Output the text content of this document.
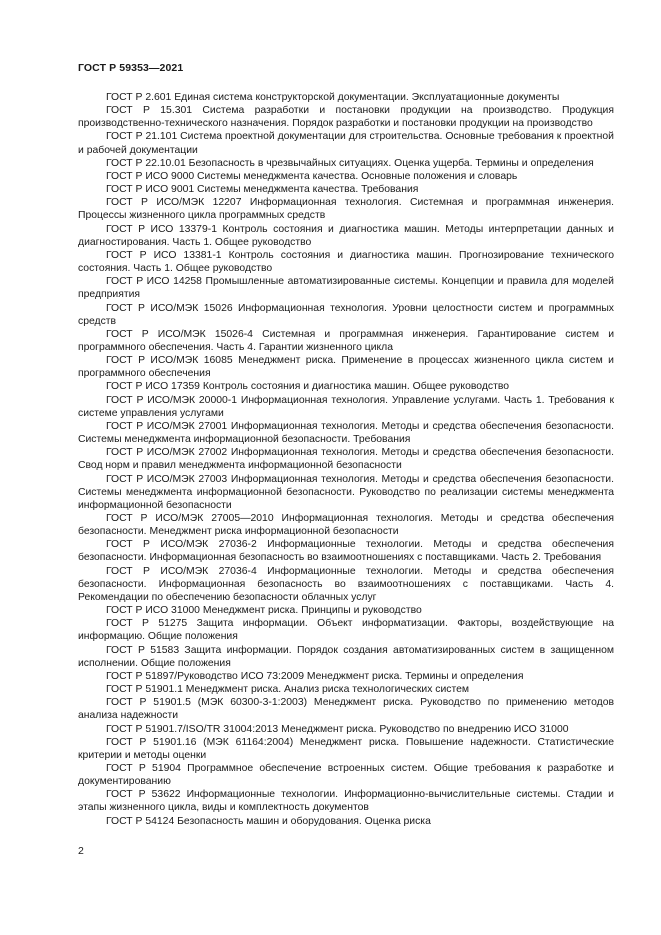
ГОСТ Р 59353—2021

ГОСТ Р 2.601 Единая система конструкторской документации. Эксплуатационные документы

ГОСТ Р 15.301 Система разработки и постановки продукции на производство. Продукция производственно-технического назначения. Порядок разработки и постановки продукции на производство

ГОСТ Р 21.101 Система проектной документации для строительства. Основные требования к проектной и рабочей документации

ГОСТ Р 22.10.01 Безопасность в чрезвычайных ситуациях. Оценка ущерба. Термины и определения

ГОСТ Р ИСО 9000 Системы менеджмента качества. Основные положения и словарь

ГОСТ Р ИСО 9001 Системы менеджмента качества. Требования

ГОСТ Р ИСО/МЭК 12207 Информационная технология. Системная и программная инженерия. Процессы жизненного цикла программных средств

ГОСТ Р ИСО 13379-1 Контроль состояния и диагностика машин. Методы интерпретации данных и диагностирования. Часть 1. Общее руководство

ГОСТ Р ИСО 13381-1 Контроль состояния и диагностика машин. Прогнозирование технического состояния. Часть 1. Общее руководство

ГОСТ Р ИСО 14258 Промышленные автоматизированные системы. Концепции и правила для моделей предприятия

ГОСТ Р ИСО/МЭК 15026 Информационная технология. Уровни целостности систем и программных средств

ГОСТ Р ИСО/МЭК 15026-4 Системная и программная инженерия. Гарантирование систем и программного обеспечения. Часть 4. Гарантии жизненного цикла

ГОСТ Р ИСО/МЭК 16085 Менеджмент риска. Применение в процессах жизненного цикла систем и программного обеспечения

ГОСТ Р ИСО 17359 Контроль состояния и диагностика машин. Общее руководство

ГОСТ Р ИСО/МЭК 20000-1 Информационная технология. Управление услугами. Часть 1. Требования к системе управления услугами

ГОСТ Р ИСО/МЭК 27001 Информационная технология. Методы и средства обеспечения безопасности. Системы менеджмента информационной безопасности. Требования

ГОСТ Р ИСО/МЭК 27002 Информационная технология. Методы и средства обеспечения безопасности. Свод норм и правил менеджмента информационной безопасности

ГОСТ Р ИСО/МЭК 27003 Информационная технология. Методы и средства обеспечения безопасности. Системы менеджмента информационной безопасности. Руководство по реализации системы менеджмента информационной безопасности

ГОСТ Р ИСО/МЭК 27005—2010 Информационная технология. Методы и средства обеспечения безопасности. Менеджмент риска информационной безопасности

ГОСТ Р ИСО/МЭК 27036-2 Информационные технологии. Методы и средства обеспечения безопасности. Информационная безопасность во взаимоотношениях с поставщиками. Часть 2. Требования

ГОСТ Р ИСО/МЭК 27036-4 Информационные технологии. Методы и средства обеспечения безопасности. Информационная безопасность во взаимоотношениях с поставщиками. Часть 4. Рекомендации по обеспечению безопасности облачных услуг

ГОСТ Р ИСО 31000 Менеджмент риска. Принципы и руководство

ГОСТ Р 51275 Защита информации. Объект информатизации. Факторы, воздействующие на информацию. Общие положения

ГОСТ Р 51583 Защита информации. Порядок создания автоматизированных систем в защищенном исполнении. Общие положения

ГОСТ Р 51897/Руководство ИСО 73:2009 Менеджмент риска. Термины и определения

ГОСТ Р 51901.1 Менеджмент риска. Анализ риска технологических систем

ГОСТ Р 51901.5 (МЭК 60300-3-1:2003) Менеджмент риска. Руководство по применению методов анализа надежности

ГОСТ Р 51901.7/ISO/TR 31004:2013 Менеджмент риска. Руководство по внедрению ИСО 31000

ГОСТ Р 51901.16 (МЭК 61164:2004) Менеджмент риска. Повышение надежности. Статистические критерии и методы оценки

ГОСТ Р 51904 Программное обеспечение встроенных систем. Общие требования к разработке и документированию

ГОСТ Р 53622 Информационные технологии. Информационно-вычислительные системы. Стадии и этапы жизненного цикла, виды и комплектность документов

ГОСТ Р 54124 Безопасность машин и оборудования. Оценка риска

2
